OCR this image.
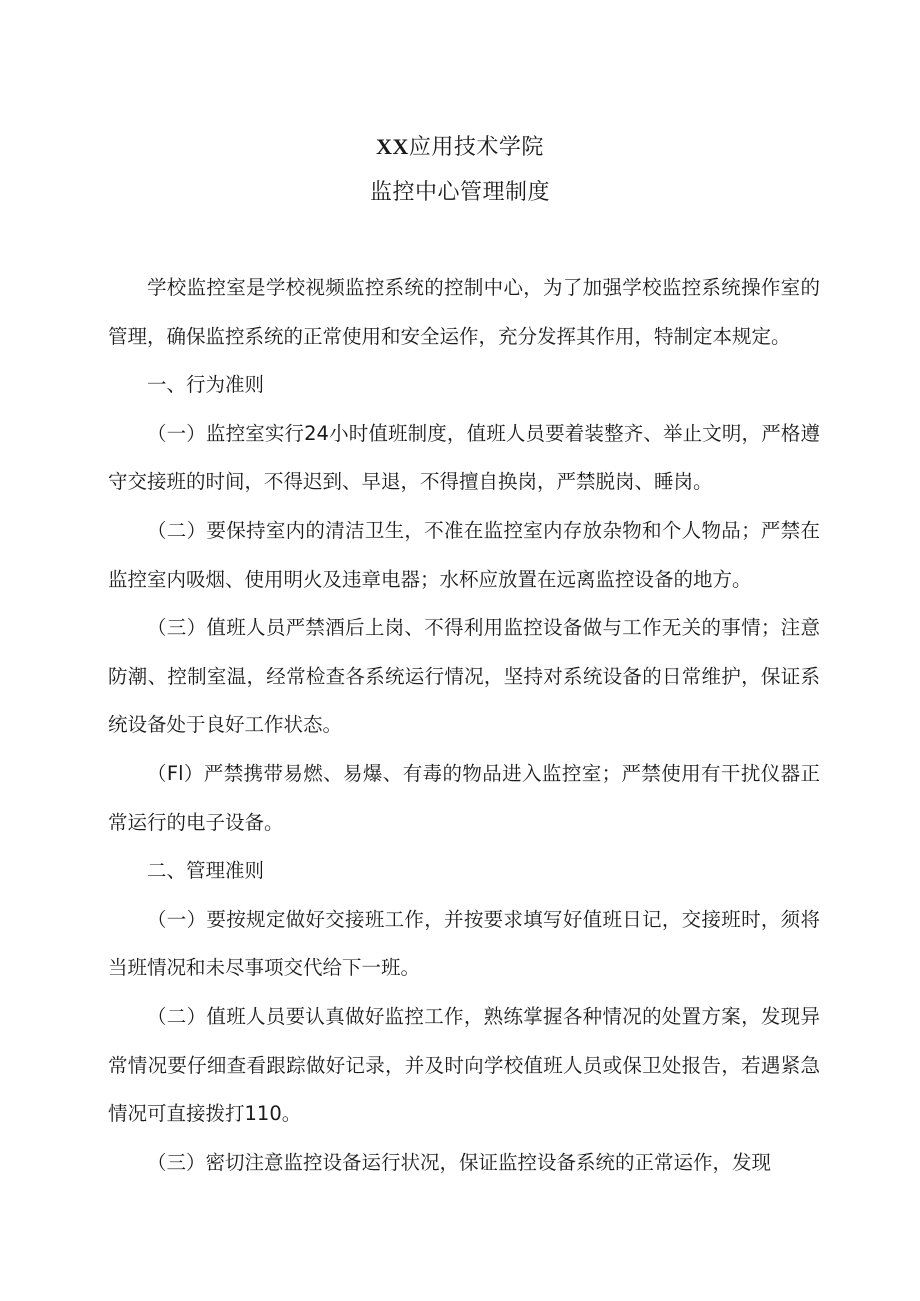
XX应用技术学院
监控中心管理制度

学校监控室是学校视频监控系统的控制中心，为了加强学校监控系统操作室的管理，确保监控系统的正常使用和安全运作，充分发挥其作用，特制定本规定。

一、行为准则

（一）监控室实行24小时值班制度，值班人员要着装整齐、举止文明，严格遵守交接班的时间，不得迟到、早退，不得擅自换岗，严禁脱岗、睡岗。

（二）要保持室内的清洁卫生，不准在监控室内存放杂物和个人物品；严禁在监控室内吸烟、使用明火及违章电器；水杯应放置在远离监控设备的地方。

（三）值班人员严禁酒后上岗、不得利用监控设备做与工作无关的事情；注意防潮、控制室温，经常检查各系统运行情况，坚持对系统设备的日常维护，保证系统设备处于良好工作状态。

（Fl）严禁携带易燃、易爆、有毒的物品进入监控室；严禁使用有干扰仪器正常运行的电子设备。

二、管理准则

（一）要按规定做好交接班工作，并按要求填写好值班日记，交接班时，须将当班情况和未尽事项交代给下一班。

（二）值班人员要认真做好监控工作，熟练掌握各种情况的处置方案，发现异常情况要仔细查看跟踪做好记录，并及时向学校值班人员或保卫处报告，若遇紧急情况可直接拨打110。

（三）密切注意监控设备运行状况，保证监控设备系统的正常运作，发现
